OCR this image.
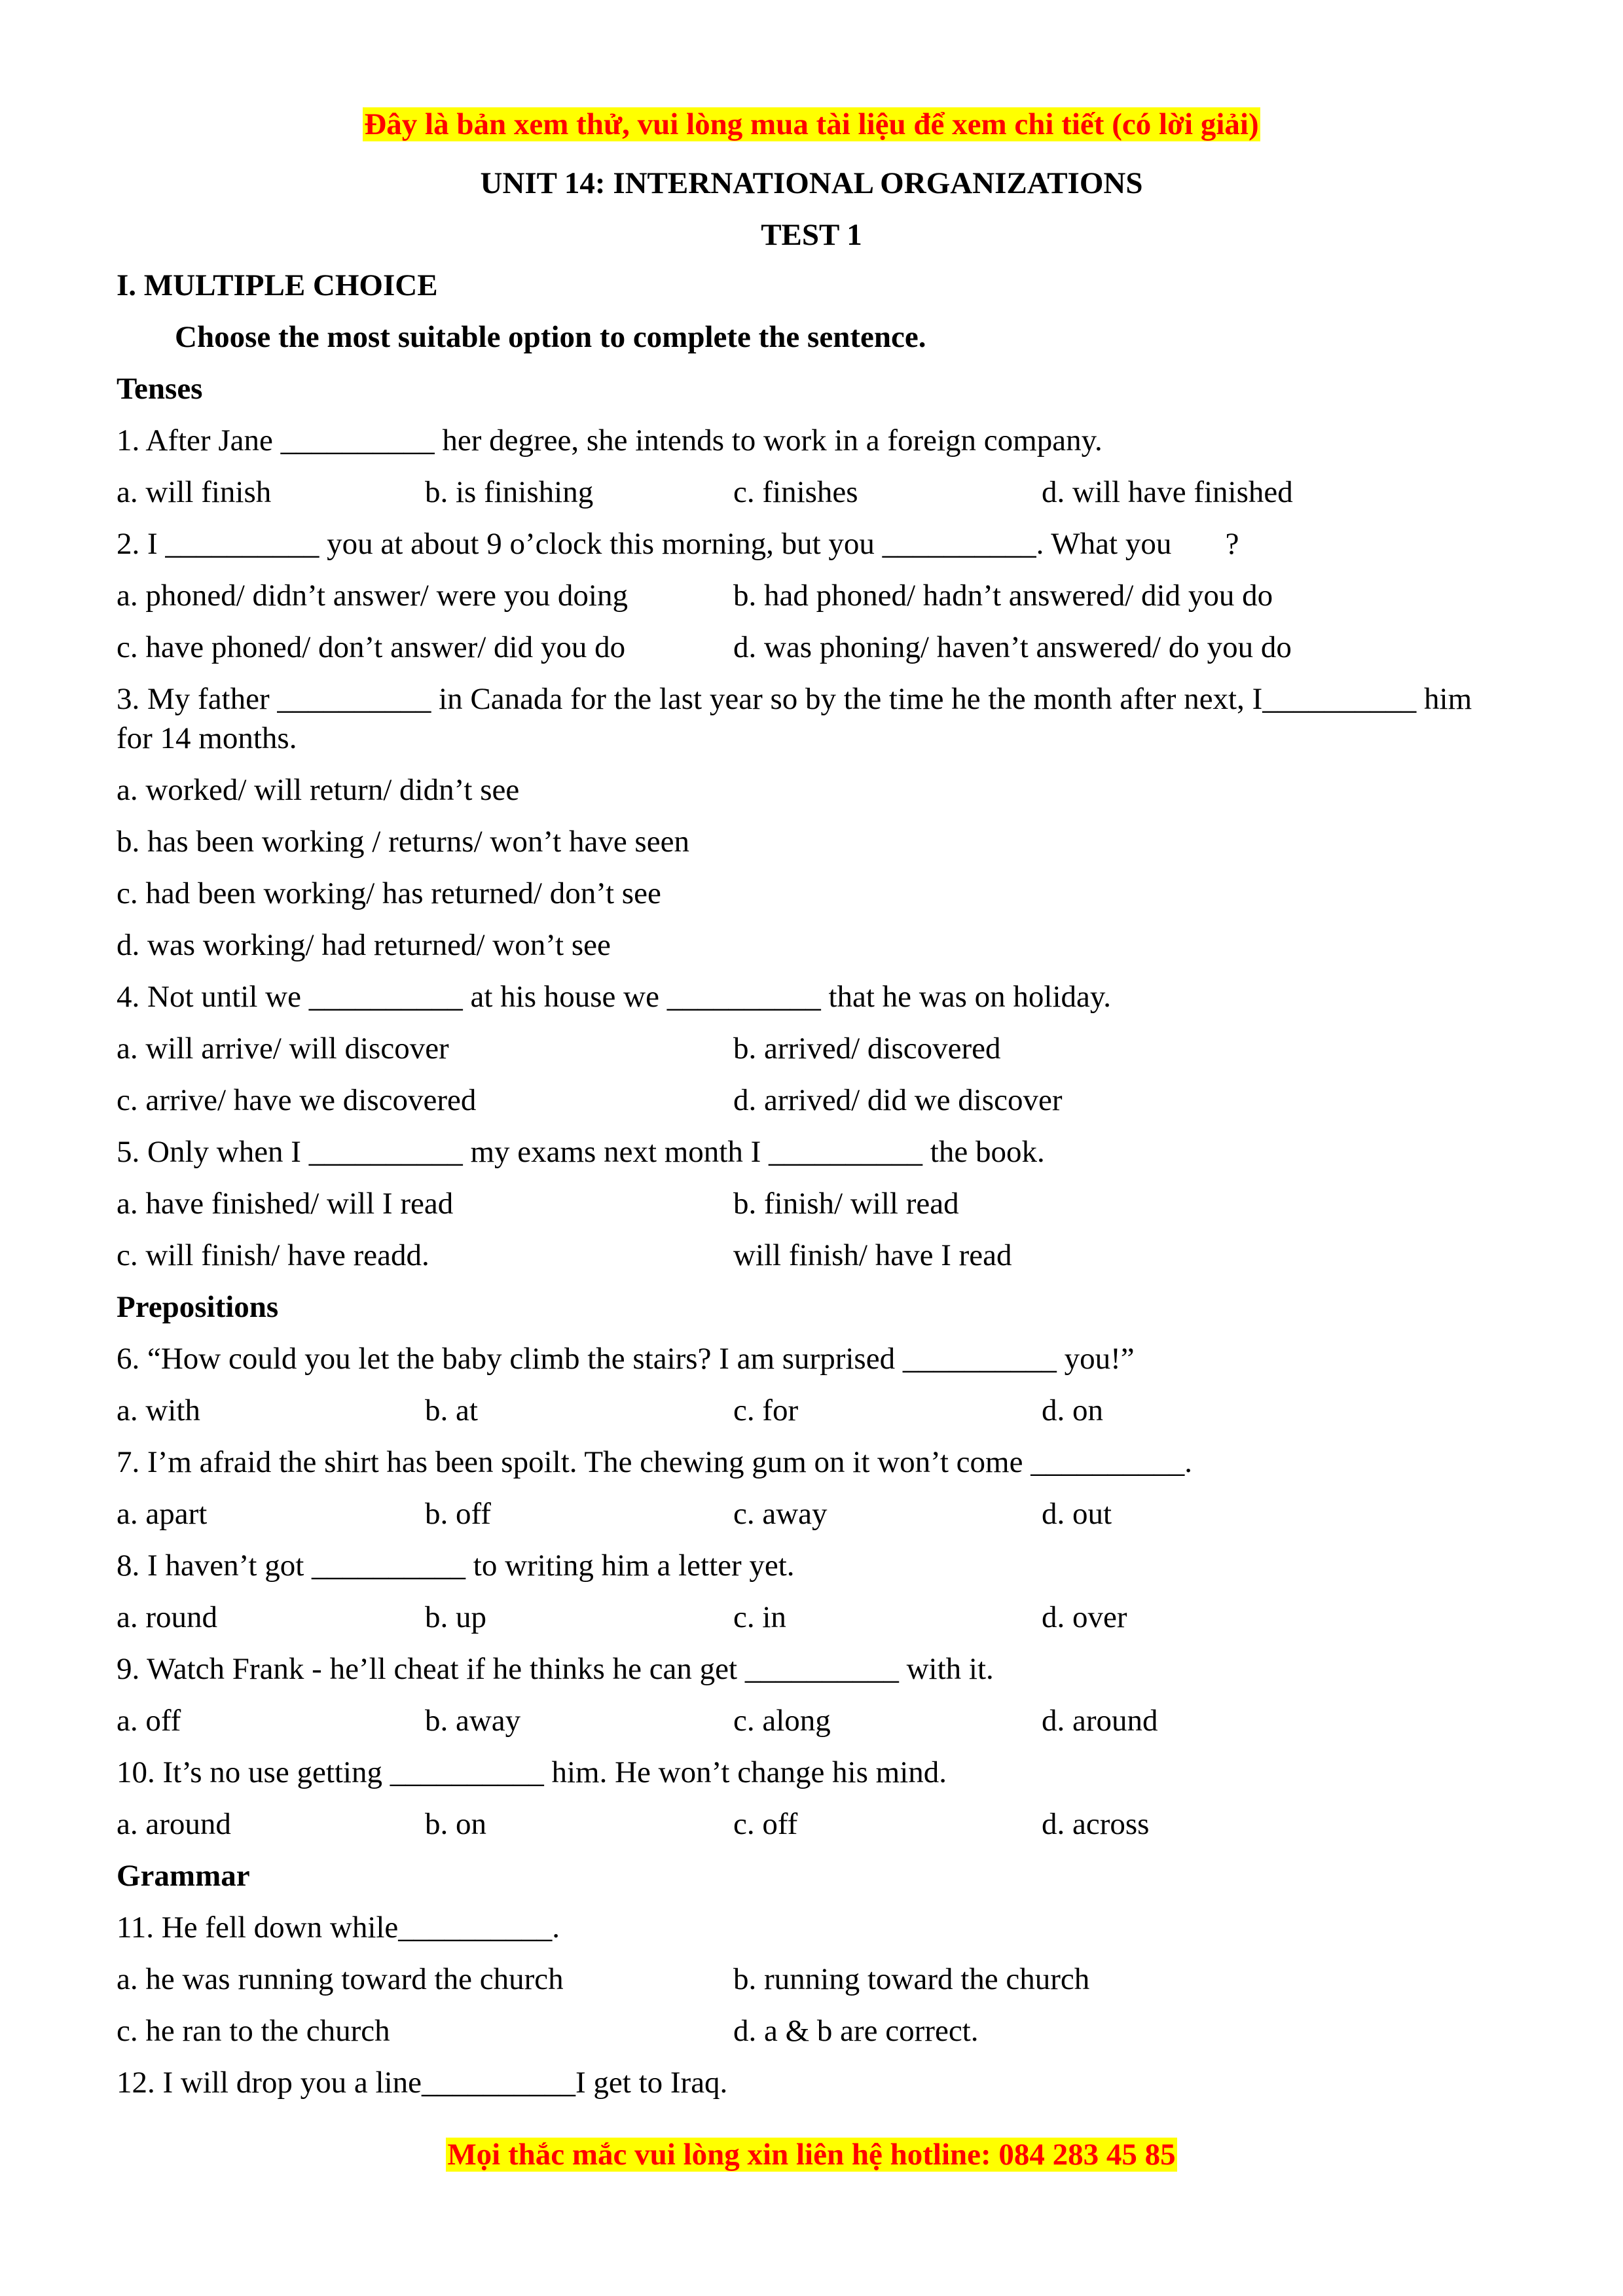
Đây là bản xem thử, vui lòng mua tài liệu để xem chi tiết (có lời giải)
UNIT 14: INTERNATIONAL ORGANIZATIONS
TEST 1
I. MULTIPLE CHOICE
Choose the most suitable option to complete the sentence.
Tenses
1. After Jane __________ her degree, she intends to work in a foreign company.
a. will finish	b. is finishing	c. finishes	d. will have finished
2. I __________ you at about 9 o’clock this morning, but you __________. What you       ?
a. phoned/ didn’t answer/ were you doing	b. had phoned/ hadn’t answered/ did you do
c. have phoned/ don’t answer/ did you do	d. was phoning/ haven’t answered/ do you do
3. My father __________ in Canada for the last year so by the time he the month after next, I__________ him for 14 months.
a. worked/ will return/ didn’t see
b. has been working / returns/ won’t have seen
c. had been working/ has returned/ don’t see
d. was working/ had returned/ won’t see
4. Not until we __________ at his house we __________ that he was on holiday.
a. will arrive/ will discover	b. arrived/ discovered
c. arrive/ have we discovered	d. arrived/ did we discover
5. Only when I __________ my exams next month I __________ the book.
a. have finished/ will I read	b. finish/ will read
c. will finish/ have readd.	will finish/ have I read
Prepositions
6. “How could you let the baby climb the stairs? I am surprised __________ you!”
a. with	b. at	c. for	d. on
7. I’m afraid the shirt has been spoilt. The chewing gum on it won’t come __________.
a. apart	b. off	c. away	d. out
8. I haven’t got __________ to writing him a letter yet.
a. round	b. up	c. in	d. over
9. Watch Frank - he’ll cheat if he thinks he can get __________ with it.
a. off	b. away	c. along	d. around
10. It’s no use getting __________ him. He won’t change his mind.
a. around	b. on	c. off	d. across
Grammar
11. He fell down while__________.
a. he was running toward the church	b. running toward the church
c. he ran to the church	d. a & b are correct.
12. I will drop you a line__________I get to Iraq.
Mọi thắc mắc vui lòng xin liên hệ hotline: 084 283 45 85
